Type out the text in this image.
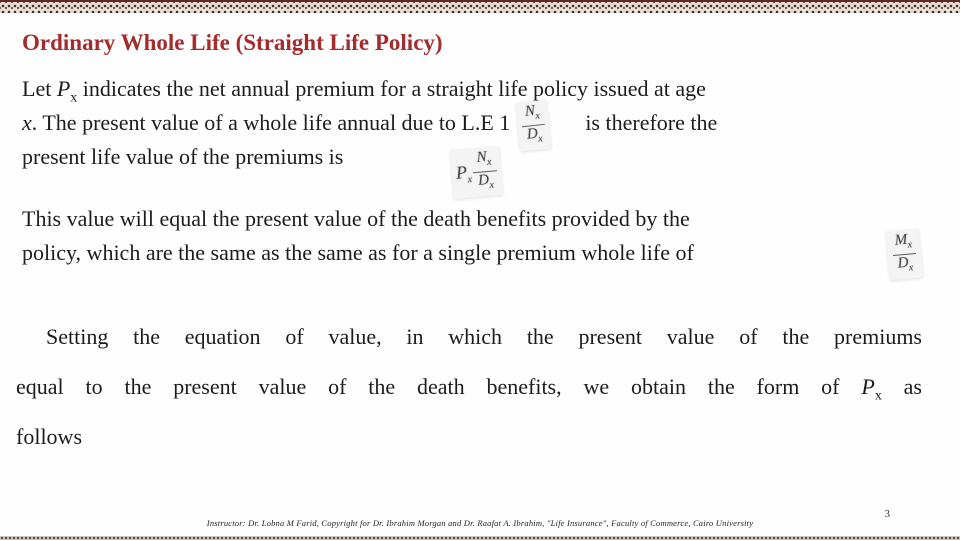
Ordinary Whole Life (Straight Life Policy)
Let $P_x$ indicates the net annual premium for a straight life policy issued at age
x. The present value of a whole life annual due to L.E $1 \frac{N_x}{D_x}$ is therefore the
present life value of the premiums is
$P_x \frac{N_x}{D_x}$
This value will equal the present value of the death benefits provided by the
policy, which are the same as the same as for a single premium whole life of	$\frac{M_x}{D_x}$
Setting the equation of value, in which the present value of the premiums
equal to the present value of the death benefits, we obtain the form of $P_x$ as
follows
Instructor: Dr. Lobna M Farid, Copyright for Dr. Ibrahim Morgan and Dr. Raafat A. Ibrahim, "Life Insurance", Faculty of Commerce, Cairo University
3
